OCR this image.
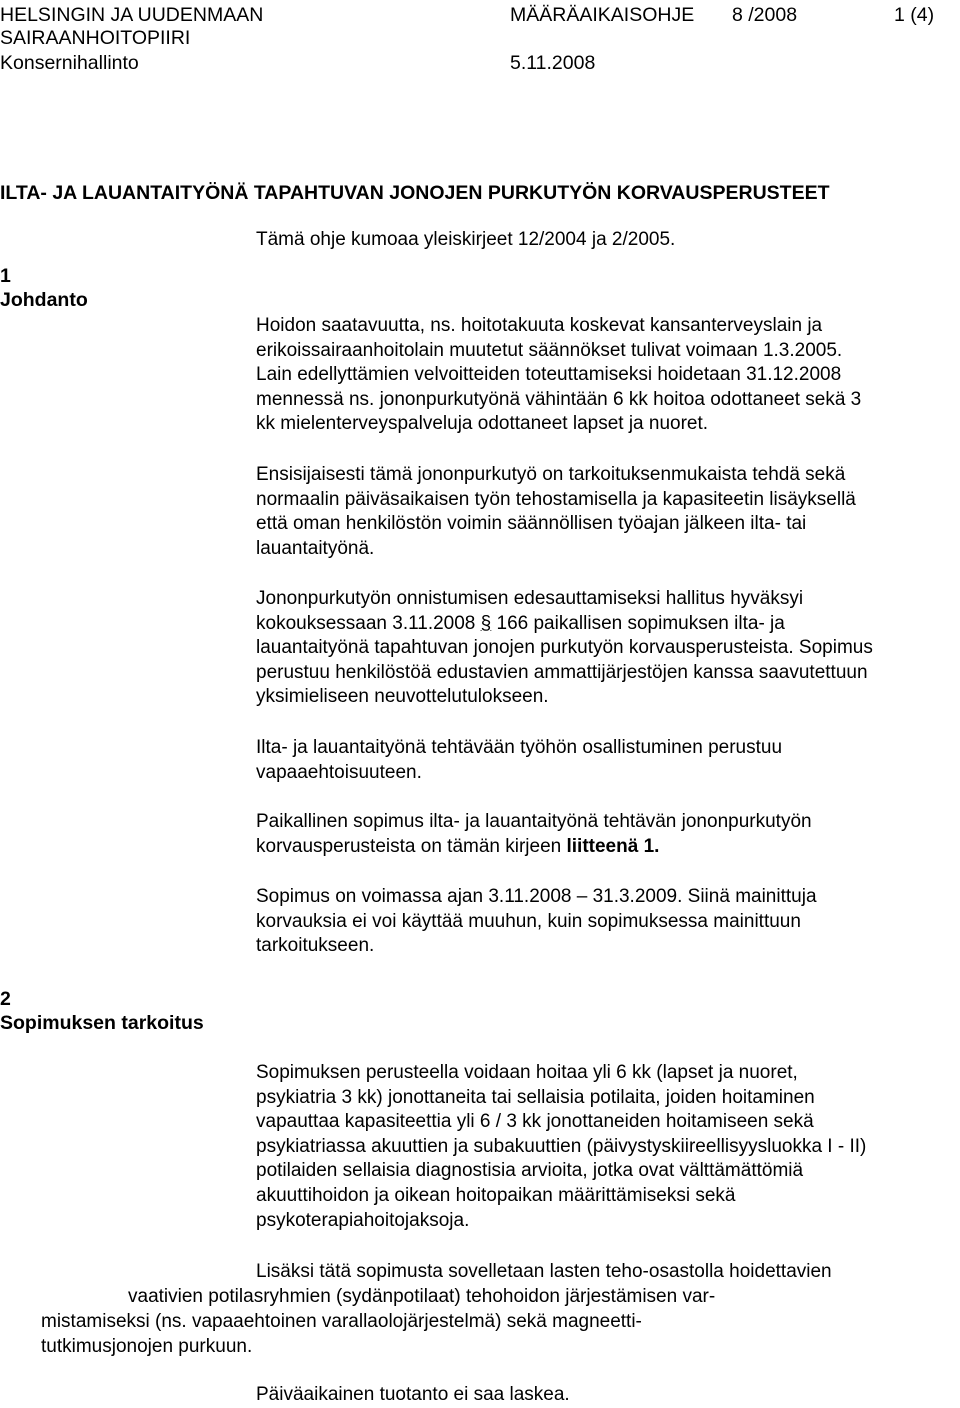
HELSINGIN JA UUDENMAAN
SAIRAANHOITOPIIRI
Konsernihallinto
MÄÄRÄAIKAISOHJE 8 /2008	1 (4)
5.11.2008
ILTA- JA LAUANTAITYÖNÄ TAPAHTUVAN JONOJEN PURKUTYÖN KORVAUSPERUSTEET
1
Johdanto
2
Sopimuksen tarkoitus
Tämä ohje kumoaa yleiskirjeet 12/2004 ja 2/2005.
Hoidon saatavuutta, ns. hoitotakuuta koskevat kansanterveyslain ja
erikoissairaanhoitolain muutetut säännökset tulivat voimaan 1.3.2005.
Lain edellyttämien velvoitteiden toteuttamiseksi hoidetaan 31.12.2008
mennessä ns. jononpurkutyönä vähintään 6 kk hoitoa odottaneet sekä 3
kk mielenterveyspalveluja odottaneet lapset ja nuoret.
Ensisijaisesti tämä jononpurkutyö on tarkoituksenmukaista tehdä sekä
normaalin päiväsaikaisen työn tehostamisella ja kapasiteetin lisäyksellä
että oman henkilöstön voimin säännöllisen työajan jälkeen ilta- tai
lauantaityönä.
Jononpurkutyön onnistumisen edesauttamiseksi hallitus hyväksyi
kokouksessaan 3.11.2008 § 166 paikallisen sopimuksen ilta- ja
lauantaityönä tapahtuvan jonojen purkutyön korvausperusteista. Sopimus
perustuu henkilöstöä edustavien ammattijärjestöjen kanssa saavutettuun
yksimieliseen neuvottelutulokseen.
Ilta- ja lauantaityönä tehtävään työhön osallistuminen perustuu
vapaaehtoisuuteen.
Paikallinen sopimus ilta- ja lauantaityönä tehtävän jononpurkutyön
korvausperusteista on tämän kirjeen liitteenä 1.
Sopimus on voimassa ajan 3.11.2008 – 31.3.2009. Siinä mainittuja
korvauksia ei voi käyttää muuhun, kuin sopimuksessa mainittuun
tarkoitukseen.
Sopimuksen perusteella voidaan hoitaa yli 6 kk (lapset ja nuoret,
psykiatria 3 kk) jonottaneita tai sellaisia potilaita, joiden hoitaminen
vapauttaa kapasiteettia yli 6 / 3 kk jonottaneiden hoitamiseen sekä
psykiatriassa akuuttien ja subakuuttien (päivystyskiireellisyysluokka I - II)
potilaiden sellaisia diagnostisia arvioita, jotka ovat välttämättömiä
akuuttihoidon ja oikean hoitopaikan määrittämiseksi sekä
psykoterapiahoitojaksoja.
Lisäksi tätä sopimusta sovelletaan lasten teho-osastolla hoidettavien
vaativien potilasryhmien (sydänpotilaat) tehohoidon järjestämisen var-
mistamiseksi (ns. vapaaehtoinen varallaolojärjestelmä) sekä magneetti-
tutkimusjonojen purkuun.
Päiväaikainen tuotanto ei saa laskea.
